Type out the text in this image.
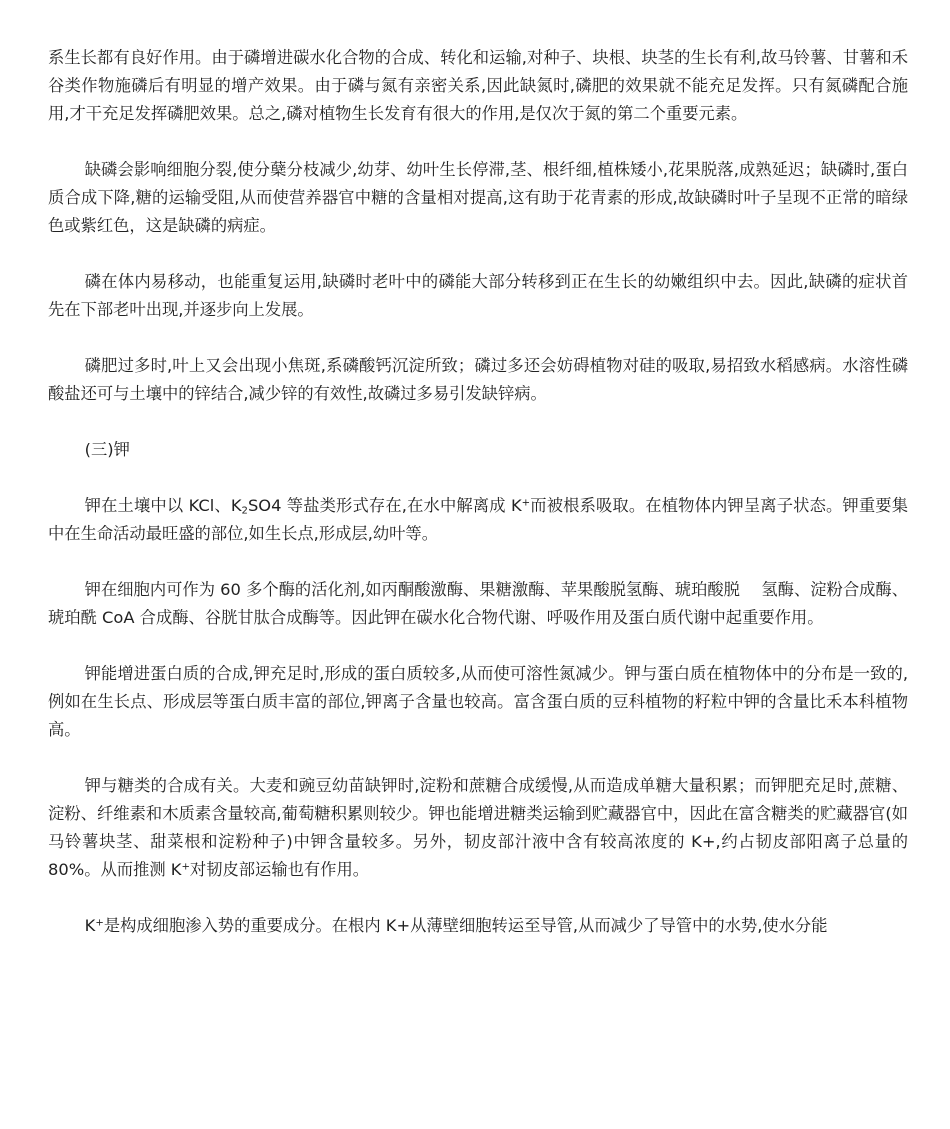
系生长都有良好作用。由于磷增进碳水化合物的合成、转化和运输,对种子、块根、块茎的生长有利,故马铃薯、甘薯和禾谷类作物施磷后有明显的增产效果。由于磷与氮有亲密关系,因此缺氮时,磷肥的效果就不能充足发挥。只有氮磷配合施用,才干充足发挥磷肥效果。总之,磷对植物生长发育有很大的作用,是仅次于氮的第二个重要元素。

缺磷会影响细胞分裂,使分蘖分枝减少,幼芽、幼叶生长停滞,茎、根纤细,植株矮小,花果脱落,成熟延迟；缺磷时,蛋白质合成下降,糖的运输受阻,从而使营养器官中糖的含量相对提高,这有助于花青素的形成,故缺磷时叶子呈现不正常的暗绿色或紫红色，这是缺磷的病症。

磷在体内易移动，也能重复运用,缺磷时老叶中的磷能大部分转移到正在生长的幼嫩组织中去。因此,缺磷的症状首先在下部老叶出现,并逐步向上发展。

磷肥过多时,叶上又会出现小焦斑,系磷酸钙沉淀所致；磷过多还会妨碍植物对硅的吸取,易招致水稻感病。水溶性磷酸盐还可与土壤中的锌结合,减少锌的有效性,故磷过多易引发缺锌病。

(三)钾

钾在土壤中以 KCl、$K_2SO4$ 等盐类形式存在,在水中解离成 K+而被根系吸取。在植物体内钾呈离子状态。钾重要集中在生命活动最旺盛的部位,如生长点,形成层,幼叶等。

钾在细胞内可作为 60 多个酶的活化剂,如丙酮酸激酶、果糖激酶、苹果酸脱氢酶、琥珀酸脱　 氢酶、淀粉合成酶、琥珀酰 CoA 合成酶、谷胱甘肽合成酶等。因此钾在碳水化合物代谢、呼吸作用及蛋白质代谢中起重要作用。

钾能增进蛋白质的合成,钾充足时,形成的蛋白质较多,从而使可溶性氮减少。钾与蛋白质在植物体中的分布是一致的,例如在生长点、形成层等蛋白质丰富的部位,钾离子含量也较高。富含蛋白质的豆科植物的籽粒中钾的含量比禾本科植物高。

钾与糖类的合成有关。大麦和豌豆幼苗缺钾时,淀粉和蔗糖合成缓慢,从而造成单糖大量积累；而钾肥充足时,蔗糖、淀粉、纤维素和木质素含量较高,葡萄糖积累则较少。钾也能增进糖类运输到贮藏器官中，因此在富含糖类的贮藏器官(如马铃薯块茎、甜菜根和淀粉种子)中钾含量较多。另外，韧皮部汁液中含有较高浓度的 K+,约占韧皮部阳离子总量的 80%。从而推测 K+对韧皮部运输也有作用。

K+是构成细胞渗入势的重要成分。在根内 K+从薄壁细胞转运至导管,从而减少了导管中的水势,使水分能
